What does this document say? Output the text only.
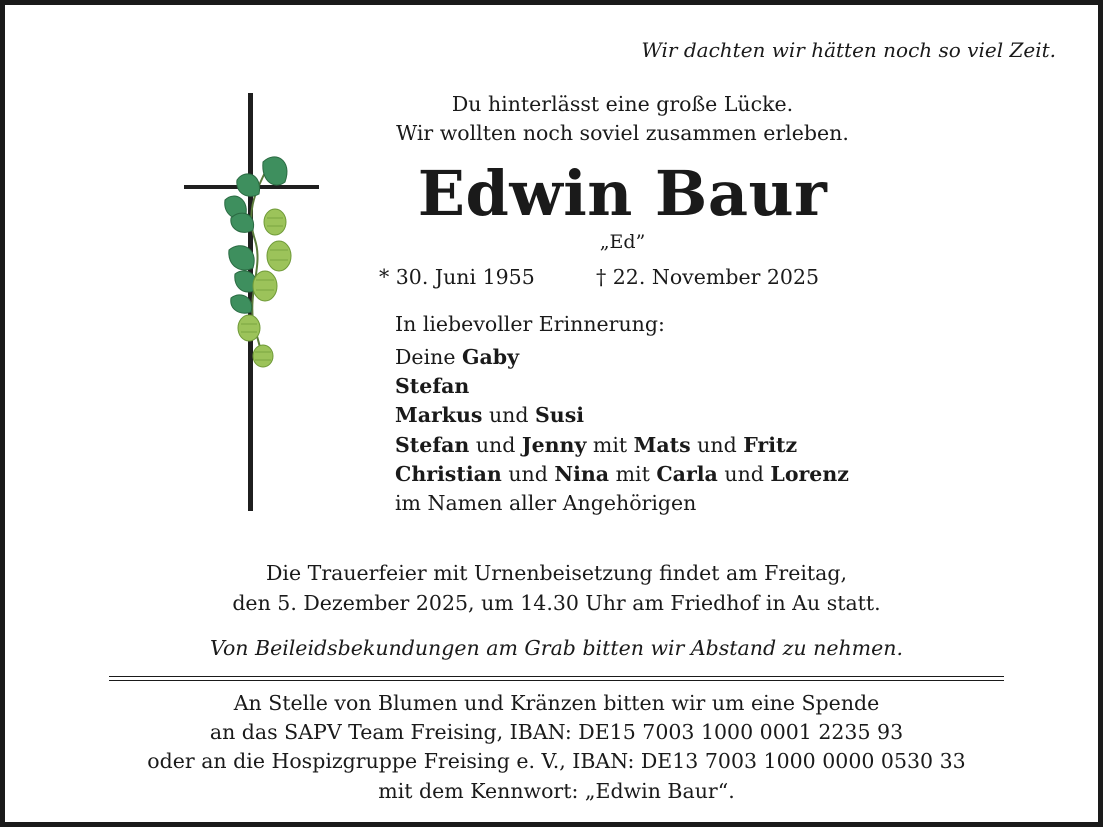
Wir dachten wir hätten noch so viel Zeit.
Du hinterlässt eine große Lücke.
Wir wollten noch soviel zusammen erleben.
Edwin Baur
„Ed”
* 30. Juni 1955	† 22. November 2025
In liebevoller Erinnerung:
Deine Gaby
Stefan
Markus und Susi
Stefan und Jenny mit Mats und Fritz
Christian und Nina mit Carla und Lorenz
im Namen aller Angehörigen
Die Trauerfeier mit Urnenbeisetzung findet am Freitag,
den 5. Dezember 2025, um 14.30 Uhr am Friedhof in Au statt.
Von Beileidsbekundungen am Grab bitten wir Abstand zu nehmen.
An Stelle von Blumen und Kränzen bitten wir um eine Spende
an das SAPV Team Freising, IBAN: DE15 7003 1000 0001 2235 93
oder an die Hospizgruppe Freising e. V., IBAN: DE13 7003 1000 0000 0530 33
mit dem Kennwort: „Edwin Baur“.
